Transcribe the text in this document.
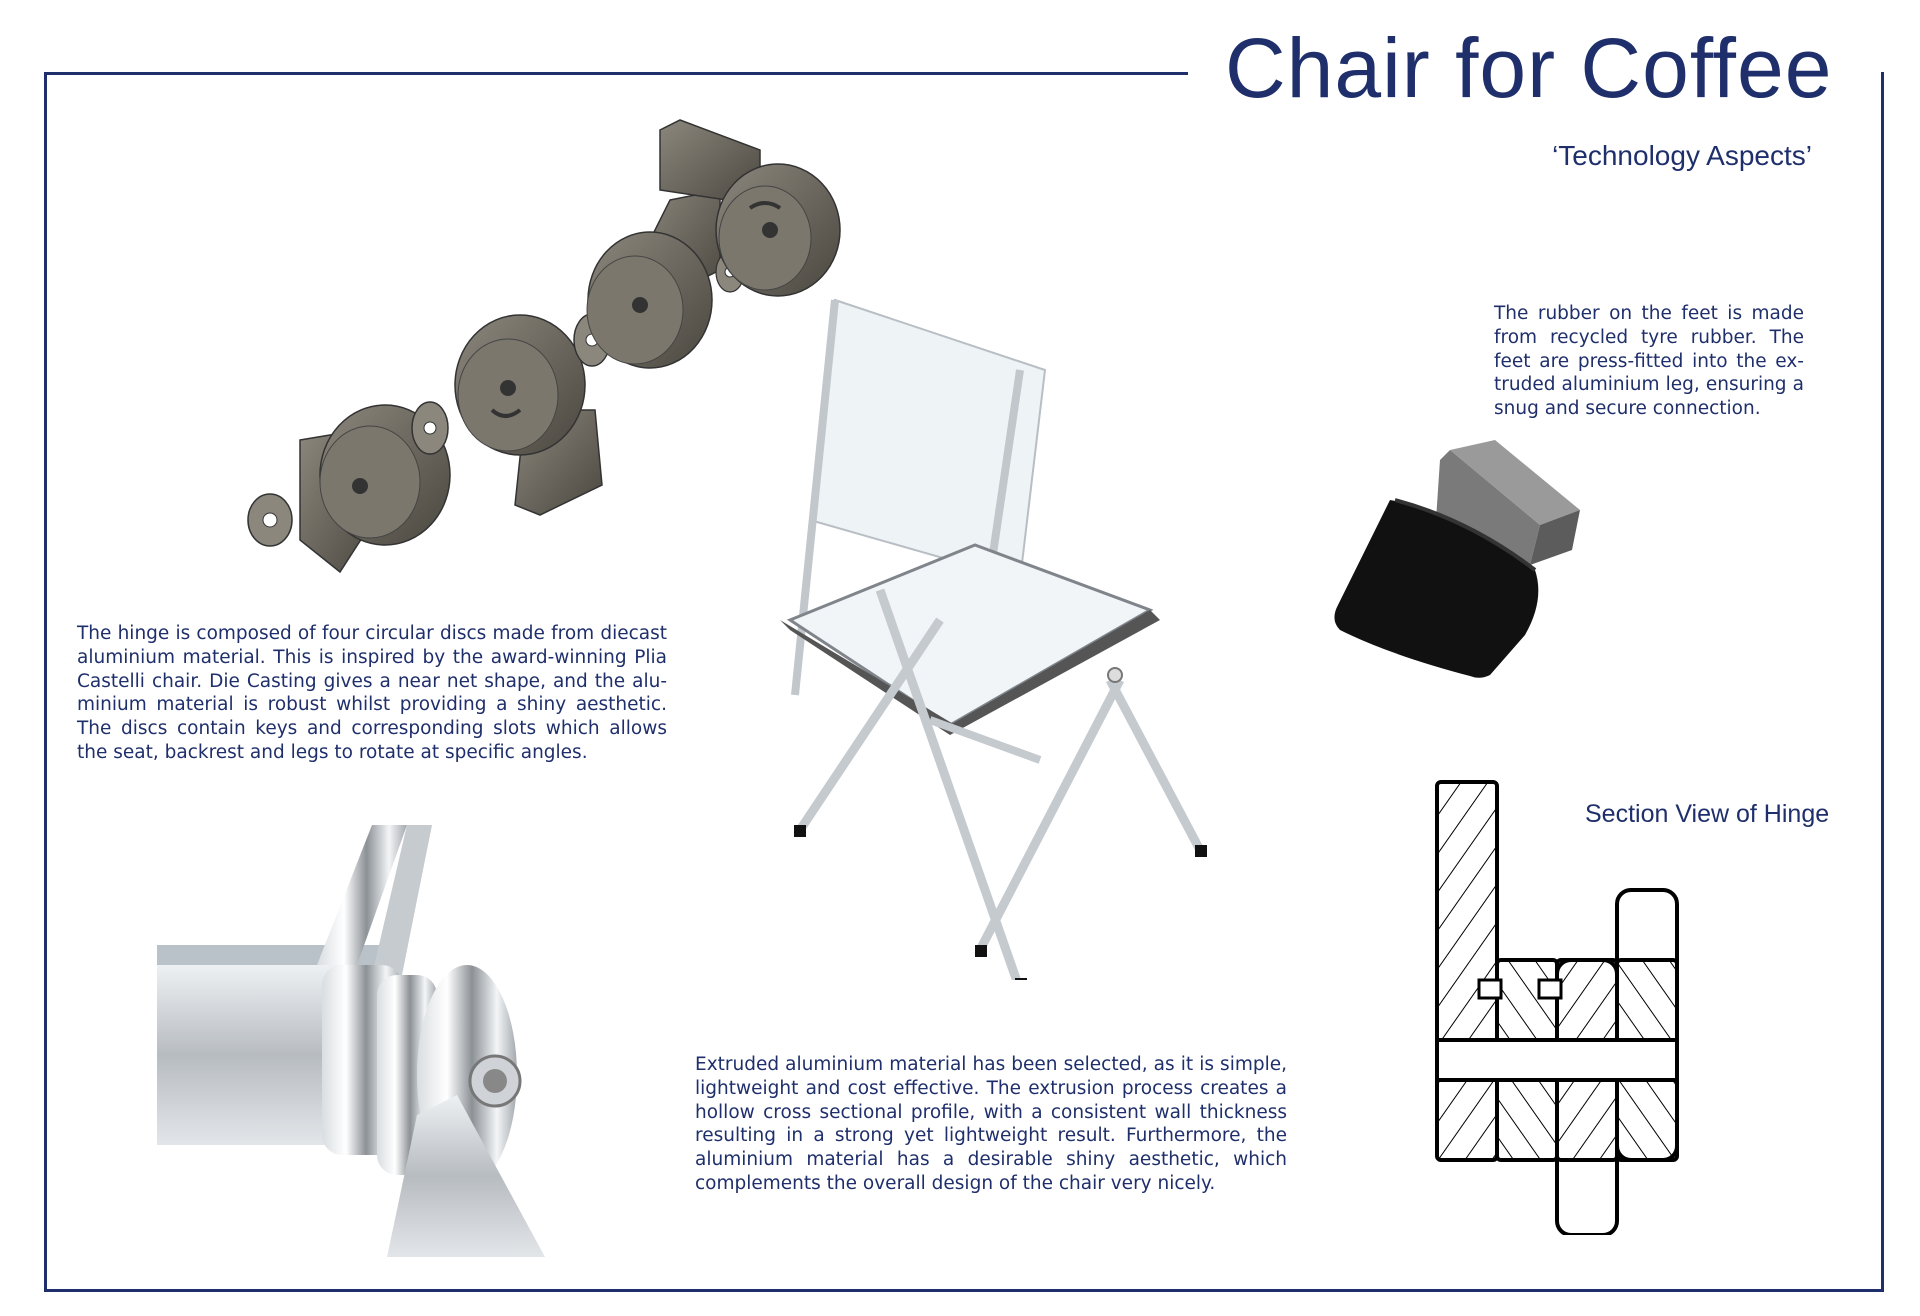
Chair for Coffee
‘Technology Aspects’
The hinge is composed of four circular discs made from diecast aluminium material. This is inspired by the award-winning Plia Castelli chair. Die Casting gives a near net shape, and the alu-minium material is robust whilst providing a shiny aesthetic. The discs contain keys and corresponding slots which allows the seat, backrest and legs to rotate at specific angles.
The rubber on the feet is made from recycled tyre rubber. The feet are press-fitted into the ex-truded aluminium leg, ensuring a snug and secure connection.
Extruded aluminium material has been selected, as it is simple, lightweight and cost effective. The extrusion process creates a hollow cross sectional profile, with a consistent wall thickness resulting in a strong yet lightweight result. Furthermore, the aluminium material has a desirable shiny aesthetic, which complements the overall design of the chair very nicely.
Section View of Hinge
